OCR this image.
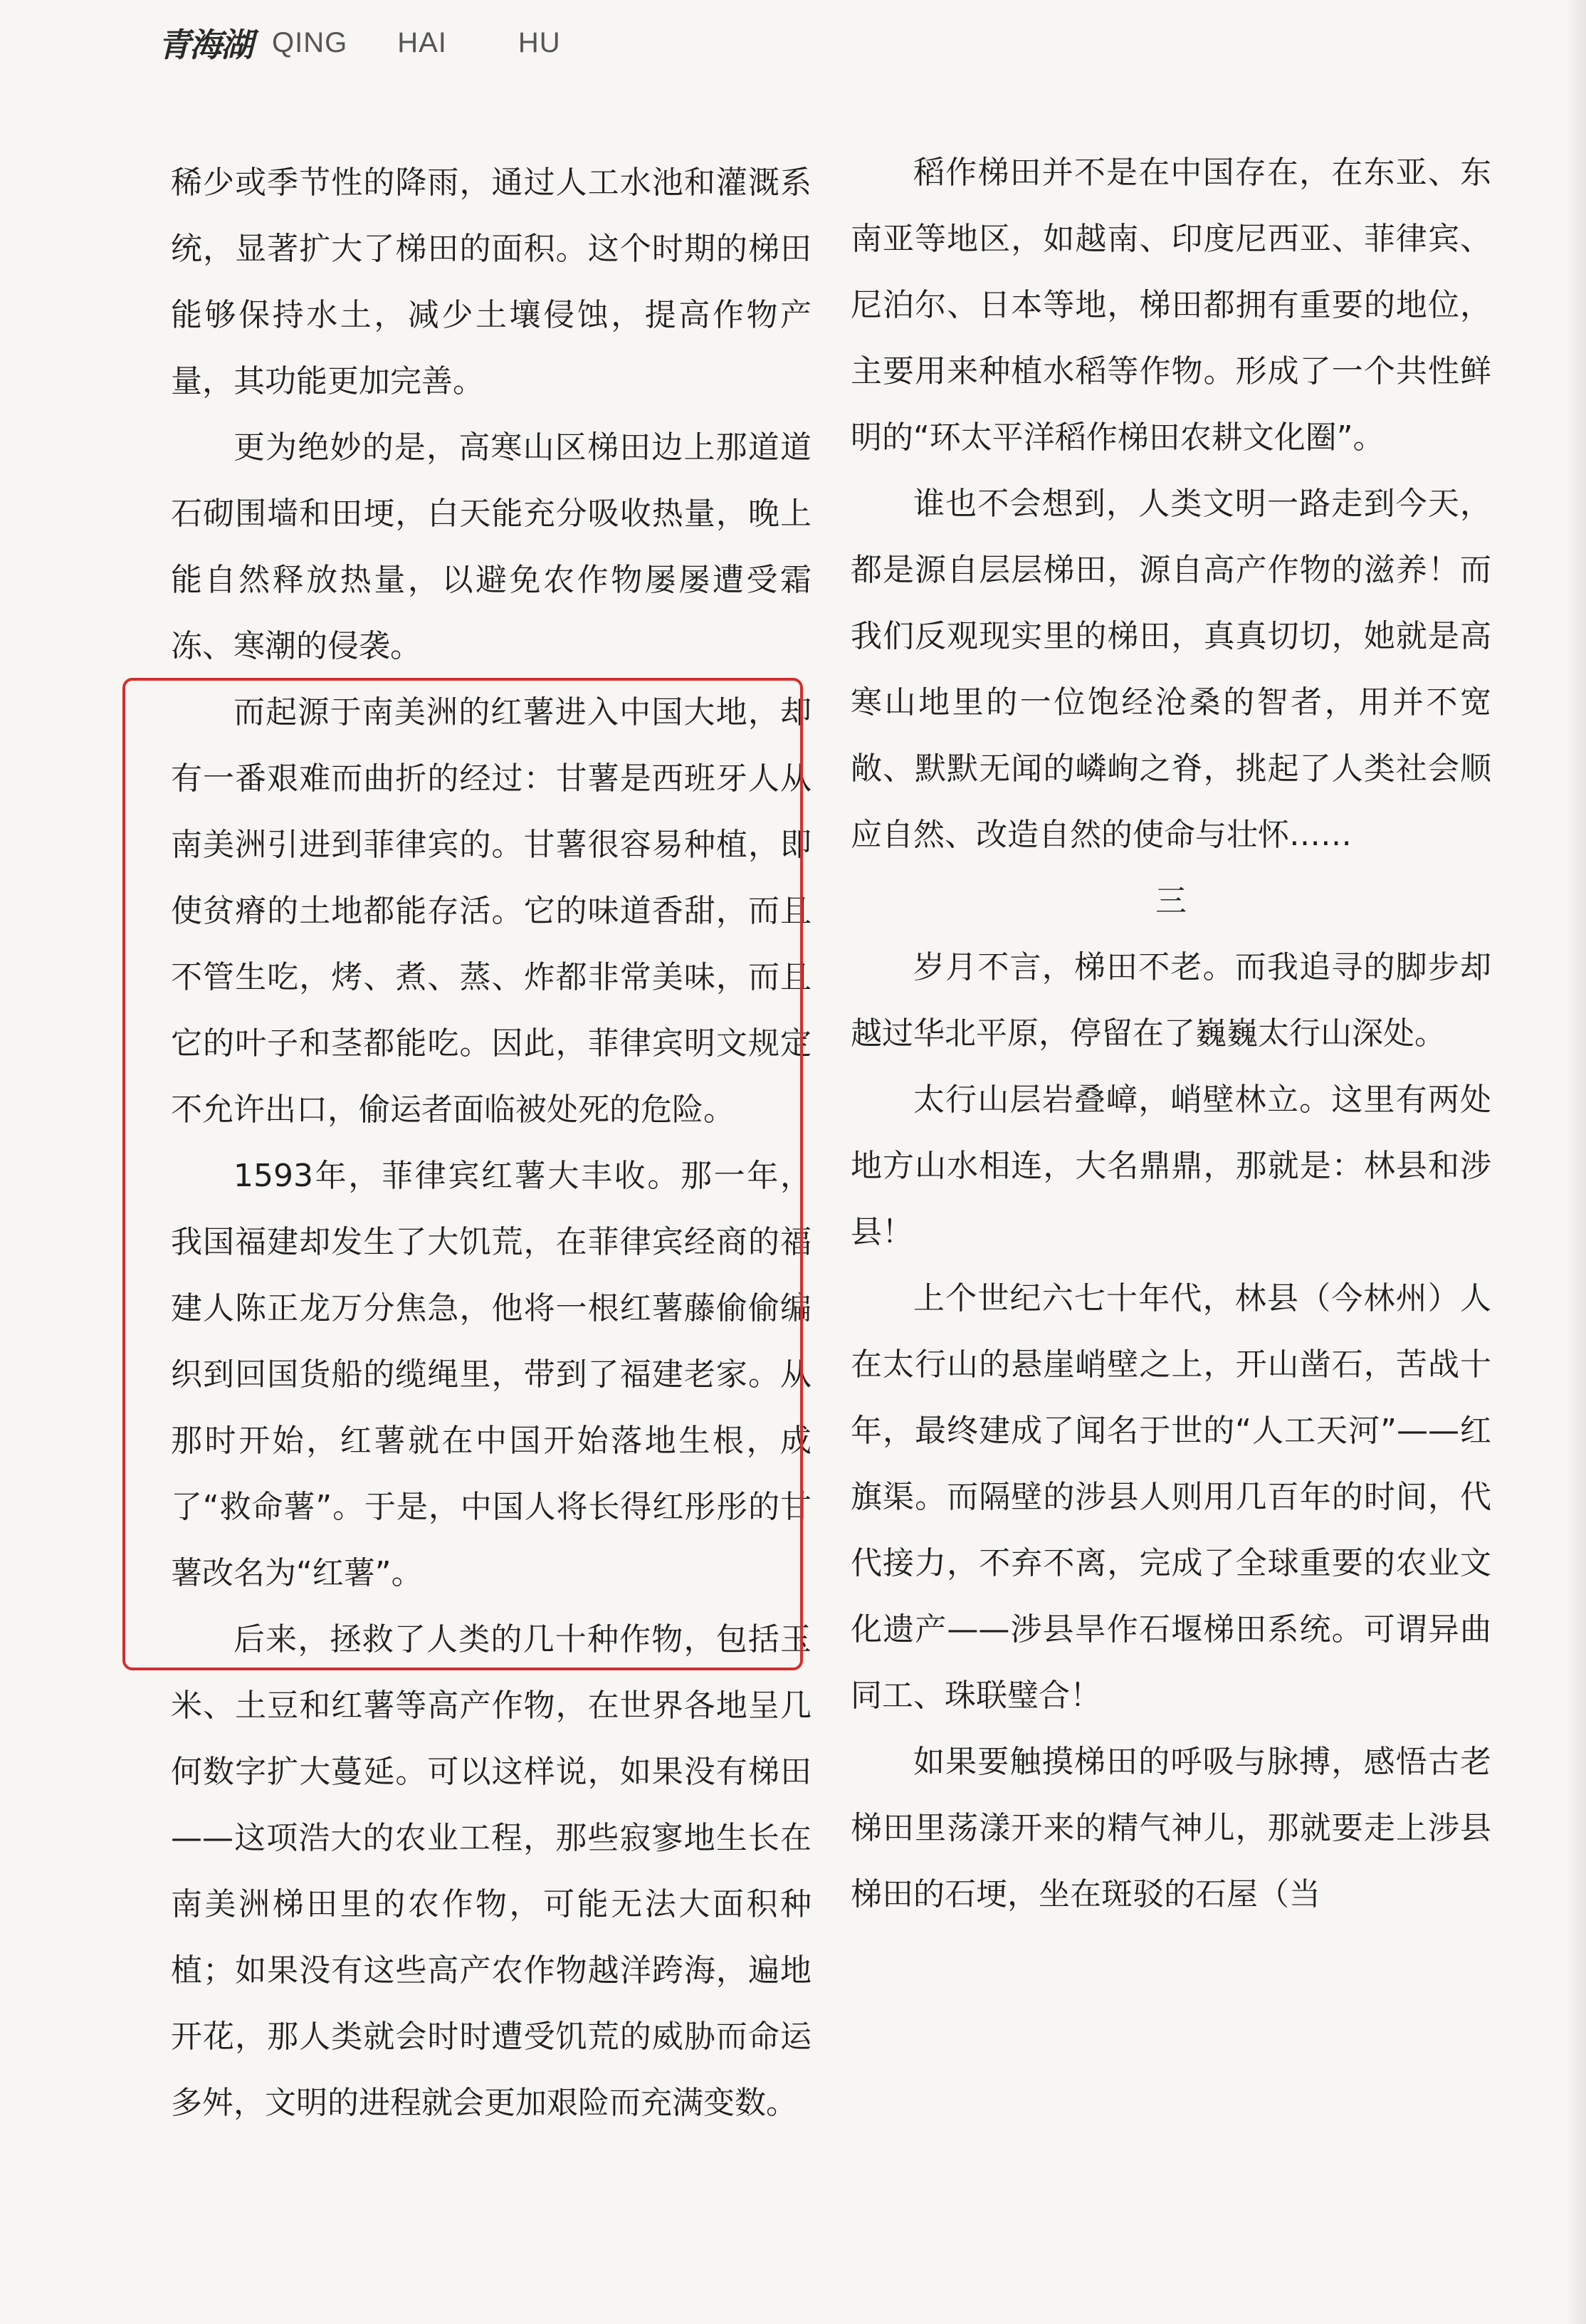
青海湖 QING HAI	HU

稀少或季节性的降雨，通过人工水池和灌溉系统，显著扩大了梯田的面积。这个时期的梯田能够保持水土，减少土壤侵蚀，提高作物产量，其功能更加完善。

更为绝妙的是，高寒山区梯田边上那道道石砌围墙和田埂，白天能充分吸收热量，晚上能自然释放热量，以避免农作物屡屡遭受霜冻、寒潮的侵袭。

而起源于南美洲的红薯进入中国大地，却有一番艰难而曲折的经过：甘薯是西班牙人从南美洲引进到菲律宾的。甘薯很容易种植，即使贫瘠的土地都能存活。它的味道香甜，而且不管生吃，烤、煮、蒸、炸都非常美味，而且它的叶子和茎都能吃。因此，菲律宾明文规定不允许出口，偷运者面临被处死的危险。

1593年，菲律宾红薯大丰收。那一年，我国福建却发生了大饥荒，在菲律宾经商的福建人陈正龙万分焦急，他将一根红薯藤偷偷编织到回国货船的缆绳里，带到了福建老家。从那时开始，红薯就在中国开始落地生根，成了“救命薯”。于是，中国人将长得红彤彤的甘薯改名为“红薯”。

后来，拯救了人类的几十种作物，包括玉米、土豆和红薯等高产作物，在世界各地呈几何数字扩大蔓延。可以这样说，如果没有梯田——这项浩大的农业工程，那些寂寥地生长在南美洲梯田里的农作物，可能无法大面积种植；如果没有这些高产农作物越洋跨海，遍地开花，那人类就会时时遭受饥荒的威胁而命运多舛，文明的进程就会更加艰险而充满变数。

稻作梯田并不是在中国存在，在东亚、东南亚等地区，如越南、印度尼西亚、菲律宾、尼泊尔、日本等地，梯田都拥有重要的地位，主要用来种植水稻等作物。形成了一个共性鲜明的“环太平洋稻作梯田农耕文化圈”。

谁也不会想到，人类文明一路走到今天，都是源自层层梯田，源自高产作物的滋养！而我们反观现实里的梯田，真真切切，她就是高寒山地里的一位饱经沧桑的智者，用并不宽敞、默默无闻的嶙峋之脊，挑起了人类社会顺应自然、改造自然的使命与壮怀……

三

岁月不言，梯田不老。而我追寻的脚步却越过华北平原，停留在了巍巍太行山深处。

太行山层岩叠嶂，峭壁林立。这里有两处地方山水相连，大名鼎鼎，那就是：林县和涉县！

上个世纪六七十年代，林县（今林州）人在太行山的悬崖峭壁之上，开山凿石，苦战十年，最终建成了闻名于世的“人工天河”——红旗渠。而隔壁的涉县人则用几百年的时间，代代接力，不弃不离，完成了全球重要的农业文化遗产——涉县旱作石堰梯田系统。可谓异曲同工、珠联璧合！

如果要触摸梯田的呼吸与脉搏，感悟古老梯田里荡漾开来的精气神儿，那就要走上涉县梯田的石埂，坐在斑驳的石屋（当
